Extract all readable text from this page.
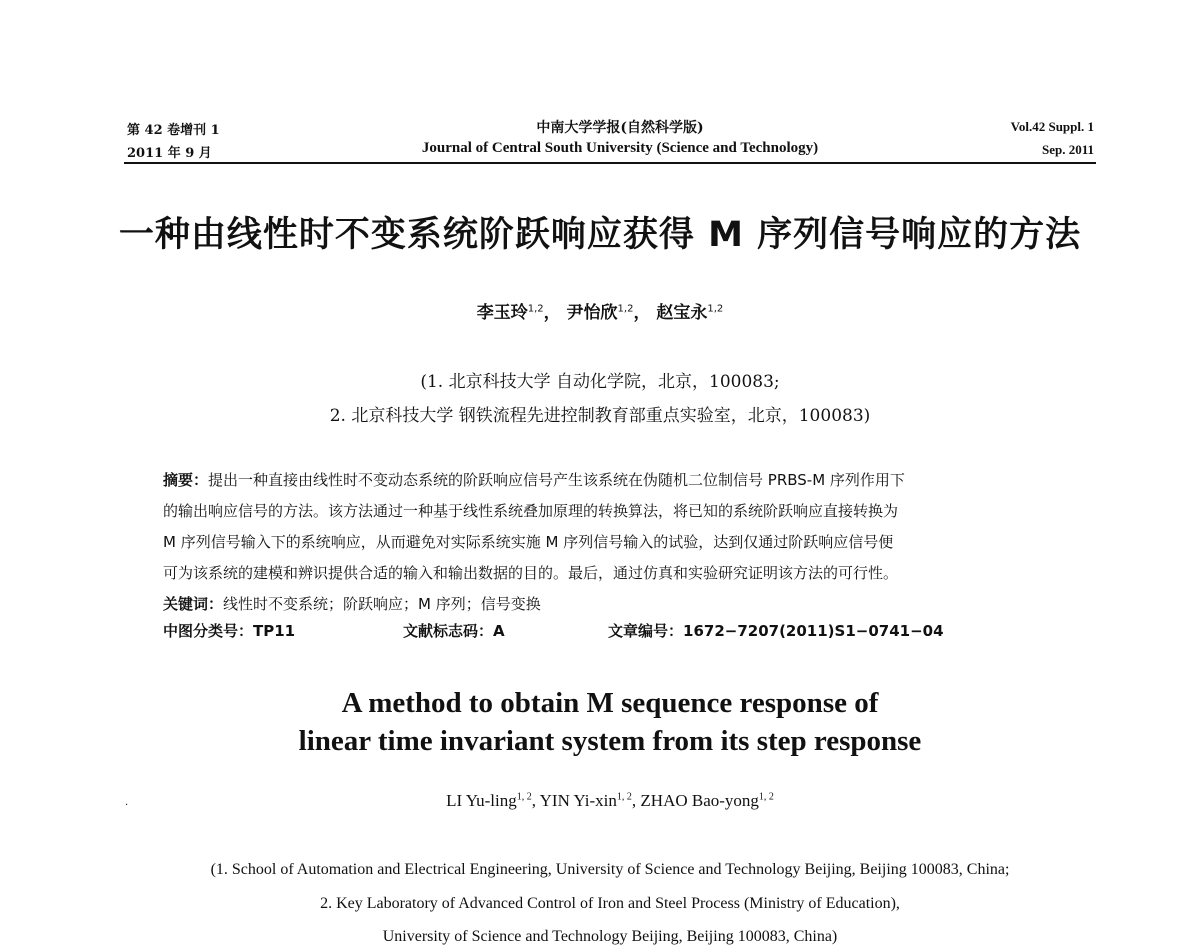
第 42 卷增刊 1
2011 年 9 月
中南大学学报(自然科学版)
Journal of Central South University (Science and Technology)
Vol.42 Suppl. 1
Sep. 2011
一种由线性时不变系统阶跃响应获得 M 序列信号响应的方法
李玉玲$^{1,2}$， 尹怡欣$^{1,2}$， 赵宝永$^{1,2}$
(1. 北京科技大学 自动化学院，北京，100083;
2. 北京科技大学 钢铁流程先进控制教育部重点实验室，北京，100083)

摘要：提出一种直接由线性时不变动态系统的阶跃响应信号产生该系统在伪随机二位制信号 PRBS-M 序列作用下

的输出响应信号的方法。该方法通过一种基于线性系统叠加原理的转换算法，将已知的系统阶跃响应直接转换为

M 序列信号输入下的系统响应，从而避免对实际系统实施 M 序列信号输入的试验，达到仅通过阶跃响应信号便

可为该系统的建模和辨识提供合适的输入和输出数据的目的。最后，通过仿真和实验研究证明该方法的可行性。

关键词：线性时不变系统；阶跃响应；M 序列；信号变换

中图分类号：TP11	文献标志码：A	文章编号：1672−7207(2011)S1−0741−04
A method to obtain M sequence response of
linear time invariant system from its step response
·	LI Yu-ling$^{1, 2}$, YIN Yi-xin$^{1, 2}$, ZHAO Bao-yong$^{1, 2}$
(1. School of Automation and Electrical Engineering, University of Science and Technology Beijing, Beijing 100083, China;
2. Key Laboratory of Advanced Control of Iron and Steel Process (Ministry of Education),
University of Science and Technology Beijing, Beijing 100083, China)
